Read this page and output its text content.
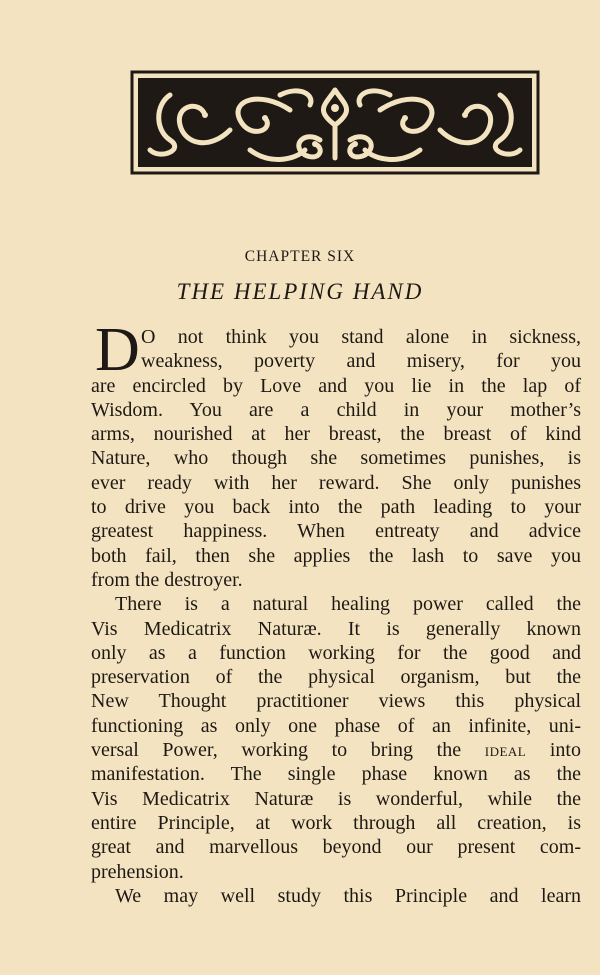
CHAPTER SIX
THE HELPING HAND
D O not think you stand alone in sickness,
weakness, poverty and misery, for you
are encircled by Love and you lie in the lap of
Wisdom. You are a child in your mother’s
arms, nourished at her breast, the breast of kind
Nature, who though she sometimes punishes, is
ever ready with her reward. She only punishes
to drive you back into the path leading to your
greatest happiness. When entreaty and advice
both fail, then she applies the lash to save you
from the destroyer.
There is a natural healing power called the
Vis Medicatrix Naturæ. It is generally known
only as a function working for the good and
preservation of the physical organism, but the
New Thought practitioner views this physical
functioning as only one phase of an infinite, uni-
versal Power, working to bring the ideal into
manifestation. The single phase known as the
Vis Medicatrix Naturæ is wonderful, while the
entire Principle, at work through all creation, is
great and marvellous beyond our present com-
prehension.
We may well study this Principle and learn
